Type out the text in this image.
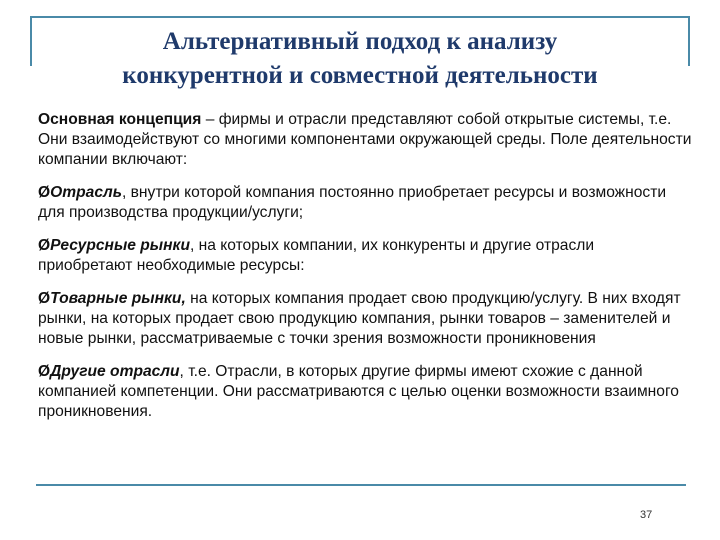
Альтернативный подход к анализу
конкурентной и совместной деятельности

Основная концепция – фирмы и отрасли представляют собой открытые системы, т.е. Они взаимодействуют со многими компонентами окружающей среды. Поле деятельности компании включают:

ØОтрасль, внутри которой компания постоянно приобретает ресурсы и возможности для производства продукции/услуги;

ØРесурсные рынки, на которых компании, их конкуренты и другие отрасли приобретают необходимые ресурсы:

ØТоварные рынки, на которых компания продает свою продукцию/услугу. В них входят рынки, на которых продает свою продукцию компания, рынки товаров – заменителей и новые рынки, рассматриваемые с точки зрения возможности проникновения

ØДругие отрасли, т.е. Отрасли, в которых другие фирмы имеют схожие с данной компанией компетенции. Они рассматриваются с целью оценки возможности взаимного проникновения.

37
